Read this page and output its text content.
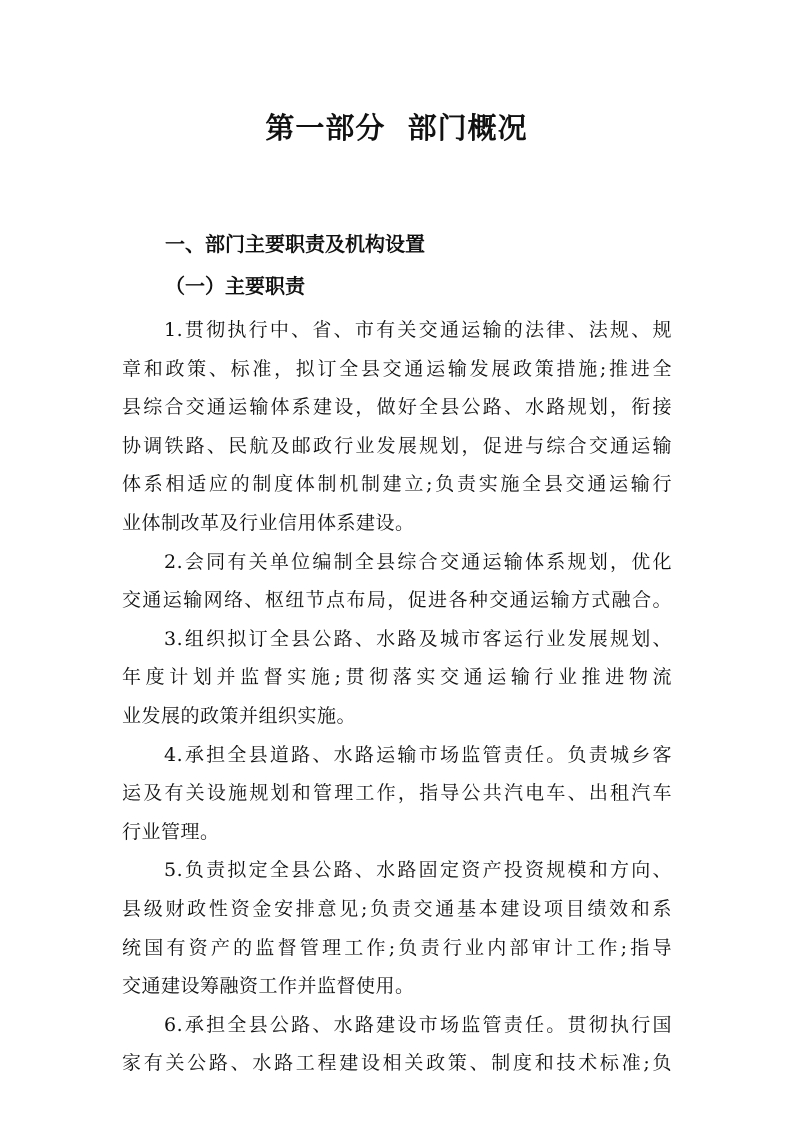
第一部分  部门概况
一、部门主要职责及机构设置
（一）主要职责
1.贯彻执行中、省、市有关交通运输的法律、法规、规
章和政策、标准，拟订全县交通运输发展政策措施;推进全
县综合交通运输体系建设，做好全县公路、水路规划，衔接
协调铁路、民航及邮政行业发展规划，促进与综合交通运输
体系相适应的制度体制机制建立;负责实施全县交通运输行
业体制改革及行业信用体系建设。
2.会同有关单位编制全县综合交通运输体系规划，优化
交通运输网络、枢纽节点布局，促进各种交通运输方式融合。
3.组织拟订全县公路、水路及城市客运行业发展规划、
年度计划并监督实施;贯彻落实交通运输行业推进物流
业发展的政策并组织实施。
4.承担全县道路、水路运输市场监管责任。负责城乡客
运及有关设施规划和管理工作，指导公共汽电车、出租汽车
行业管理。
5.负责拟定全县公路、水路固定资产投资规模和方向、
县级财政性资金安排意见;负责交通基本建设项目绩效和系
统国有资产的监督管理工作;负责行业内部审计工作;指导
交通建设筹融资工作并监督使用。
6.承担全县公路、水路建设市场监管责任。贯彻执行国
家有关公路、水路工程建设相关政策、制度和技术标准;负
